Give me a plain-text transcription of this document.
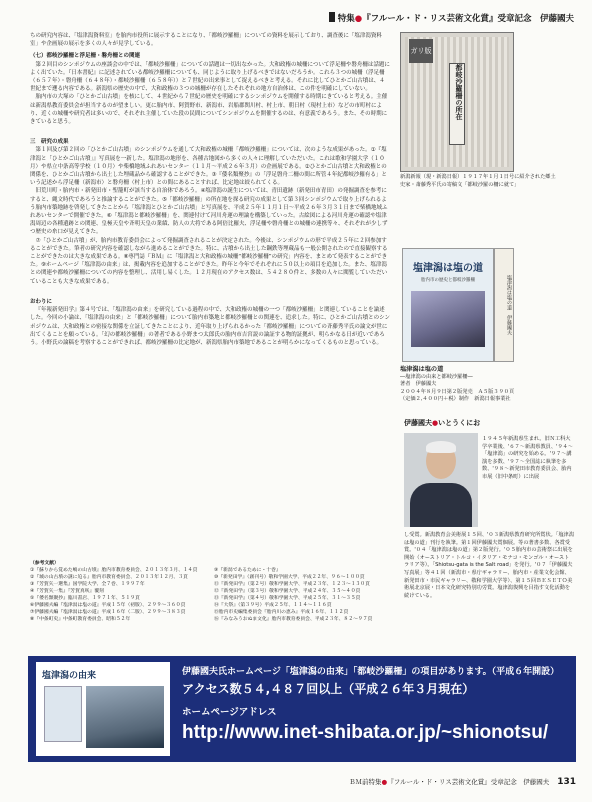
特集●『フルール・ド・リス芸術文化賞』受章記念　伊藤國夫

ちの研究内容は、「塩津潟資料室」を胎内市役所に展示することになり、「都岐沙羅柵」についての資料を展示しており、調査後に「塩津潟資料室」や企画展の展示を多くの人々が見学している。

（七）都岐沙羅柵と浮足柵・磐舟柵との関連

第２回目のシンポジウムの座談会の中では、「都岐沙羅柵」についての話題は一切出なかった。大和政権の城柵について浮足柵や磐舟柵は話題によく出ていた。『日本書紀』に記述されている都岐沙羅柵についても、同じように取り上げるべきではないだろうか。これら３つの城柵（浮足柵（６５７年）・磐舟柵（６４８年）・都岐沙羅柵（６５８年））と７世紀の出来事として捉えるべきと考える。それに比してひとかご山古墳は、４世紀まで遡る内容である。新潟県の歴史の中で、大和政権の３つの城柵が存在したそれぞれの地方自治体は、この件を明確にしていない。

胎内市の大塚の「ひとかご山古墳」を核にして、４世紀から７世紀の歴史を明確にするシンポジウムを開催する時期にきていると考える。主催は新潟県教育委員会が担当するのが望ましい。更に胎内市、阿賀野市、新潟市、岩船郡関川村、村上市、朝日村（現村上市）などの市町村により、近くの城柵や研究者は多いので、それぞれ主催していた段の民間についてシンポジウムを開催するのは、有意義であろう。また、その時期にきていると思う。

三　研究の成果

第１回及び第２回の「ひとかご山古墳」のシンポジウムを通して大和政権の城柵「都岐沙羅柵」については、次のような成果があった。①『塩津潟と「ひとかご山古墳」』写真展を一新した。塩津潟の地形を、各種古地図から多くの人々に理解していただいた。これは歌和学園大学（１０月）や県立中条高等学校（１０月）や柴橋地域ふれあいセンター（１１月〜平成２６年３月）の企画展である。②ひとかご山古墳と大和政権との関係を、ひとかご山古墳から出土した埋蔵品から確認することができた。③『倭名類聚抄』の「浮足磐舟二柵の間に所管４年紀都岐沙羅有る」という記述から浮足柵（新潟市）と磐舟柵（村上市）との間にあることすれば、比定地は絞られてくる。

旧荒川町・胎内市・新発田市・聖籠町が該当する自治体であろう。④塩津潟の誕生については、青田遺跡（新発田市青田）の発掘調査を参考にすると、縄文時代であろうと推論することができた。⑤「都岐沙羅柵」の所在地を探る研究の成果として第３回シンポジウムで取り上げられるよう胎内市築地跡を啓発してきたことから「塩津潟とひとかご山古墳」と写真展を、平成２５年１１月１日〜平成２６年３月３１日まで柴橋地域ふれあいセンターで開催できた。⑥「塩津潟と都岐沙羅柵」を、関連付けて河川舟運の理論を構築していった。古絵図による河川舟運の確認や塩津潟周辺の各種遺跡との関連、皇極天皇や斉明天皇の業績、防人の大将である阿倍比羅夫、浮足柵や磐舟柵との城柵の連携等々、それぞれが少しずつ歴史の糸口が見えてきた。

⑦「ひとかご山古墳」が、胎内市教育委員会によって発掘調査されることが決定された。今後は、シンポジウムの形で平成２５年に２回参加することができた。筆者の研究内容を確認しながら進めることができた。特に、古墳から出土した鋼鉄等埋蔵品も一般公開されたので直接観察することができたのは大きな成果である。⑧専門誌『ＢＭ』に「塩津潟と大和政権の城柵“都岐沙羅柵”の研究」内容を、まとめて発表することができた。⑨ホームページ「塩津潟の由来」は、掲載内容を追加することができた。昨年と今年でそれぞれに５０以上の項目を追加した。また、塩津潟との関連や都岐沙羅柵についての内容を整理し、活用し易くした。１２月現在のアクセス数は、５４２８０件と、多数の人々に閲覧していただいていることも大きな成果である。

おわりに

『年報新発田学』第４号では、「塩津潟の由来」を研究している過程の中で、大和政権の城柵の一つ「都岐沙羅柵」と関連していることを論述した。今回の小論は、「塩津潟の由来」と「都岐沙羅柵」について胎内市築地と都岐沙羅柵との関連を、追求した。特に、ひとかご山古墳とのシンポジウムは、大和政権との密接な関係を立証してきたことにより、近年取り上げられるかった「都岐沙羅柵」についての斉藤秀平氏の論文が世に出てくることを願っている。「幻の都岐沙羅柵」の著者である小野まつ太郎氏の胎内市吉宮説の論証する物的証拠が、明らかなる日が近いであろう。小野氏の論稿を考察することができれば、都岐沙羅柵の比定地が、新潟県胎内市築地であることが明らかになってくるものと思っている。

（参考文献）
①『蘇りから覚めた嶋の山古墳』胎内市教育委員会、２０１３年３月、１４頁
②『城の山古墳の謎に迫る』胎内市教育委員会、２０１３年１２月、３頁
③『芳賀矢一選集』国学院大学、全７巻、１９９７年
④『芳賀矢一集』『芳賀真咲』覆刻
⑤『倭名類聚抄』臨川書店、１９７１年、５１９頁
⑥伊藤國夫編『塩津潟は塩の道』平成１５年（初版）、２９９〜３６０頁
⑦伊藤國夫編『塩津潟は塩の道』平成１６年（二版）、２９９〜３８３頁
⑧『中条町史』中条町教育委員会、昭和５２年
⑨『新潟であるために・十巻』
⑩『新発田学』（創刊号）敬和学園大学、平成２２年、９６〜１００頁
⑪『新発田学』（第２号）敬和学園大学、平成２３年、１２３〜１３０頁
⑫『新発田学』（第３号）敬和学園大学、平成２４年、３５〜４０頁
⑬『新発田学』（第４号）敬和学園大学、平成２５年、３１〜３５頁
⑭『大祭』（第３９号）平成２５年、１１４〜１１６頁
⑮胎内市史編集委員会『胎内川の恵み』平成１６年、１１２頁
⑯『みなみうおぬま文化』胎内市教育委員会、平成２３年、８２〜９７頁
ガリ版
都岐沙羅柵の所在
新潟新報（現・新潟日報）１９１７年１月１日号に紹介された郷土史家・斎藤秀平氏の寄稿文「都岐沙羅の柵に就て」
塩津潟は塩の道
胎内市の歴史と都岐沙羅柵	塩津潟は塩の道　伊藤國夫
塩津潟は塩の道
―塩津潟の由来と都岐沙羅柵―
著者　伊藤國夫
２００４年８月９日第２版発売　Ａ５版３９０頁
（定価２,４００円＋税）制作　新潟日報事業社
伊藤國夫●いとうくにお
１９４５年新潟県生まれ。旧Ｎ工科大学卒業後、'６７〜新潟県教員、'９４〜「塩津潟」の研究を始める。'９７〜講演を多数、'９７〜全国誌に執筆を多数、'９８〜新発田市教育委員会、胎内市展（旧中条町）に出展
し受賞。新潟教育会美術展１５回、'０３新潟県教育研究所賞状。「塩津潟は塩の道」刊行を執筆。第１回伊藤國夫賞個展。等の著書多数、各賞受賞。'０４「塩津潟は塩の道」第２版発行。'０５胎内市の芸術祭に出展を開始（オーストリア・トルコ・イタリア・モナコ・モンゴル・オーストラリア等）。「Shiotsu-gata is the Salt road」を発行。'０７「伊藤國夫写真展」等４１回（新潟市・県庁ギャラリー、胎内市・産業文化会館、新発田市・市民ギャラリー、敬和学園大学等）、第１５回ＢＥＳＥＴＯ美術展北京展・日本文化研究特別功労賞。塩津潟復興を目指す文化活動を続けている。
塩津潟の由来	伊藤國夫氏ホームページ「塩津潟の由来」「都岐沙羅柵」の項目があります。（平成６年開設）
アクセス数５４,４８７回以上（平成２６年３月現在）
ホームページアドレス
http://www.inet-shibata.or.jp/~shionotsu/
ＢＭ前特集●『フルール・ド・リス芸術文化賞』受章記念　伊藤國夫 131
